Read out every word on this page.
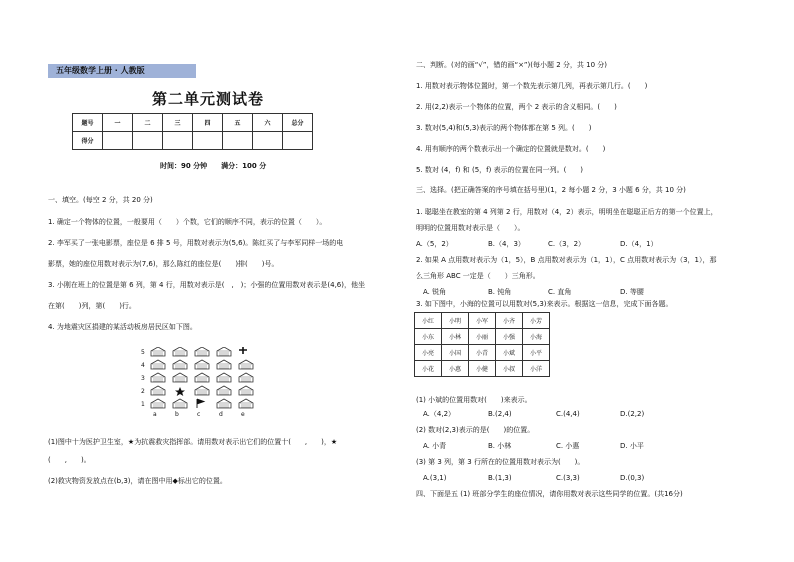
五年级数学上册 · 人教版
第二单元测试卷
题号	一	二	三	四	五	六	总分
得分							
时间：90 分钟　　满分：100 分
一、填空。(每空 2 分，共 20 分)
1. 确定一个物体的位置，一般要用（　　）个数，它们的顺序不同，表示的位置（　　）。
2. 李军买了一张电影票，座位是 6 排 5 号，用数对表示为(5,6)。陈红买了与李军同样一场的电
影票，她的座位用数对表示为(7,6)，那么陈红的座位是(　　)排(　　)号。
3. 小刚在班上的位置是第 6 列，第 4 行，用数对表示是(　,　)；小强的位置用数对表示是(4,6)，他坐
在第(　　)列，第(　　)行。
4. 为地震灾区捐建的某活动板房居民区如下图。
5
4
3
2
1
a	b	c	d	e
(1)图中十为医护卫生室，★为抗震救灾指挥部。请用数对表示出它们的位置十(　　,　　)，★
(　　,　　)。
(2)救灾物资发放点在(b,3)，请在图中用◆标出它的位置。
二、判断。(对的画“√”，错的画“×”)(每小题 2 分，共 10 分)
1. 用数对表示物体位置时，第一个数先表示第几列，再表示第几行。(　　)
2. 用(2,2)表示一个物体的位置，两个 2 表示的含义相同。(　　)
3. 数对(5,4)和(5,3)表示的两个物体都在第 5 列。(　　)
4. 用有顺序的两个数表示出一个确定的位置就是数对。(　　)
5. 数对 (4，f) 和 (5，f) 表示的位置在同一列。(　　)
三、选择。(把正确答案的序号填在括号里)(1，2 每小题 2 分，3 小题 6 分，共 10 分)
1. 聪聪坐在教室的第 4 列第 2 行，用数对（4，2）表示，明明坐在聪聪正后方的第一个位置上，
明明的位置用数对表示是（　　）。
A.（5，2）	B.（4，3）	C.（3，2）	D.（4，1）
2. 如果 A 点用数对表示为（1，5），B 点用数对表示为（1，1），C 点用数对表示为（3，1），那
么三角形 ABC 一定是（　　）三角形。
A. 锐角	B. 钝角	C. 直角	D. 等腰
3. 如下图中，小海的位置可以用数对(5,3)来表示。根据这一信息，完成下面各题。
小红	小明	小军	小齐	小芳
小东	小林	小丽	小强	小海
小亮	小国	小青	小斌	小平
小花	小惠	小健	小叔	小洋
(1) 小斌的位置用数对(　　)来表示。
A.（4,2）	B.(2,4)	C.(4,4)	D.(2,2)
(2) 数对(2,3)表示的是(　　)的位置。
A. 小青	B. 小林	C. 小惠	D. 小平
(3) 第 3 列，第 3 行所在的位置用数对表示为(　　)。
A.(3,1)	B.(1,3)	C.(3,3)	D.(0,3)
四、下面是五 (1) 班部分学生的座位情况，请你用数对表示这些同学的位置。(共16分)
